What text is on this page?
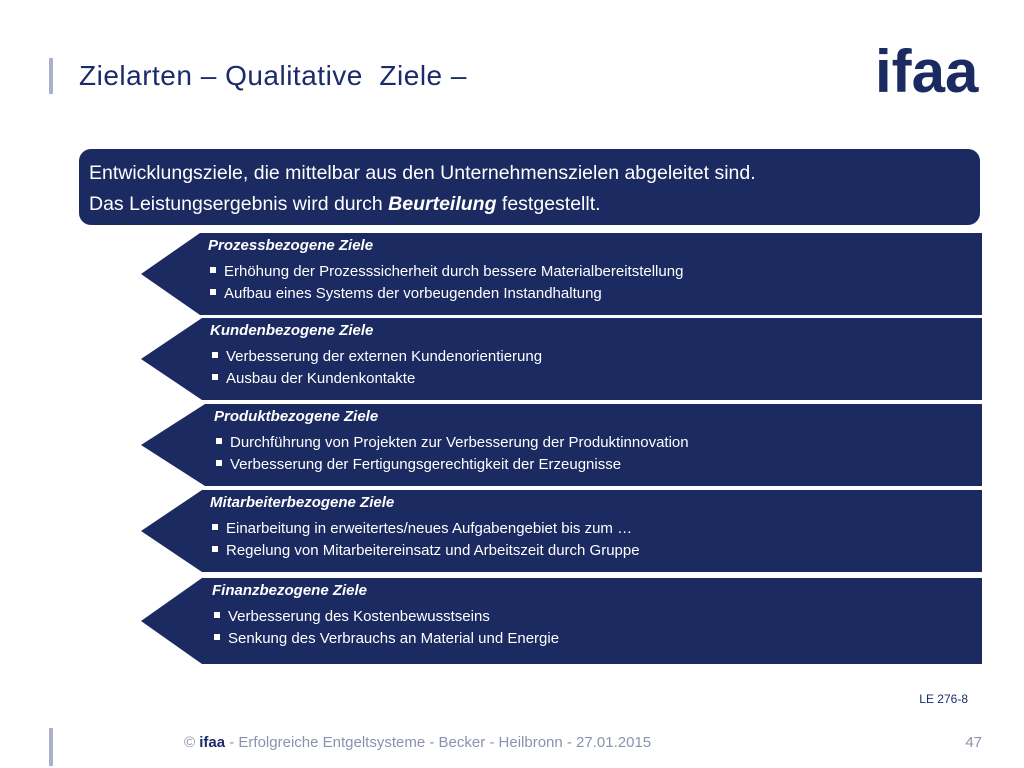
Zielarten – Qualitative  Ziele –	ifaa

Entwicklungsziele, die mittelbar aus den Unternehmenszielen abgeleitet sind.

Das Leistungsergebnis wird durch Beurteilung festgestellt.

Prozessbezogene Ziele
Erhöhung der Prozesssicherheit durch bessere Materialbereitstellung
Aufbau eines Systems der vorbeugenden Instandhaltung
Kundenbezogene Ziele
Verbesserung der externen Kundenorientierung
Ausbau der Kundenkontakte
Produktbezogene Ziele
Durchführung von Projekten zur Verbesserung der Produktinnovation
Verbesserung der Fertigungsgerechtigkeit der Erzeugnisse
Mitarbeiterbezogene Ziele
Einarbeitung in erweitertes/neues Aufgabengebiet bis zum …
Regelung von Mitarbeitereinsatz und Arbeitszeit durch Gruppe
Finanzbezogene Ziele
Verbesserung des Kostenbewusstseins
Senkung des Verbrauchs an Material und Energie
LE 276-8
© ifaa - Erfolgreiche Entgeltsysteme - Becker - Heilbronn - 27.01.2015	47
